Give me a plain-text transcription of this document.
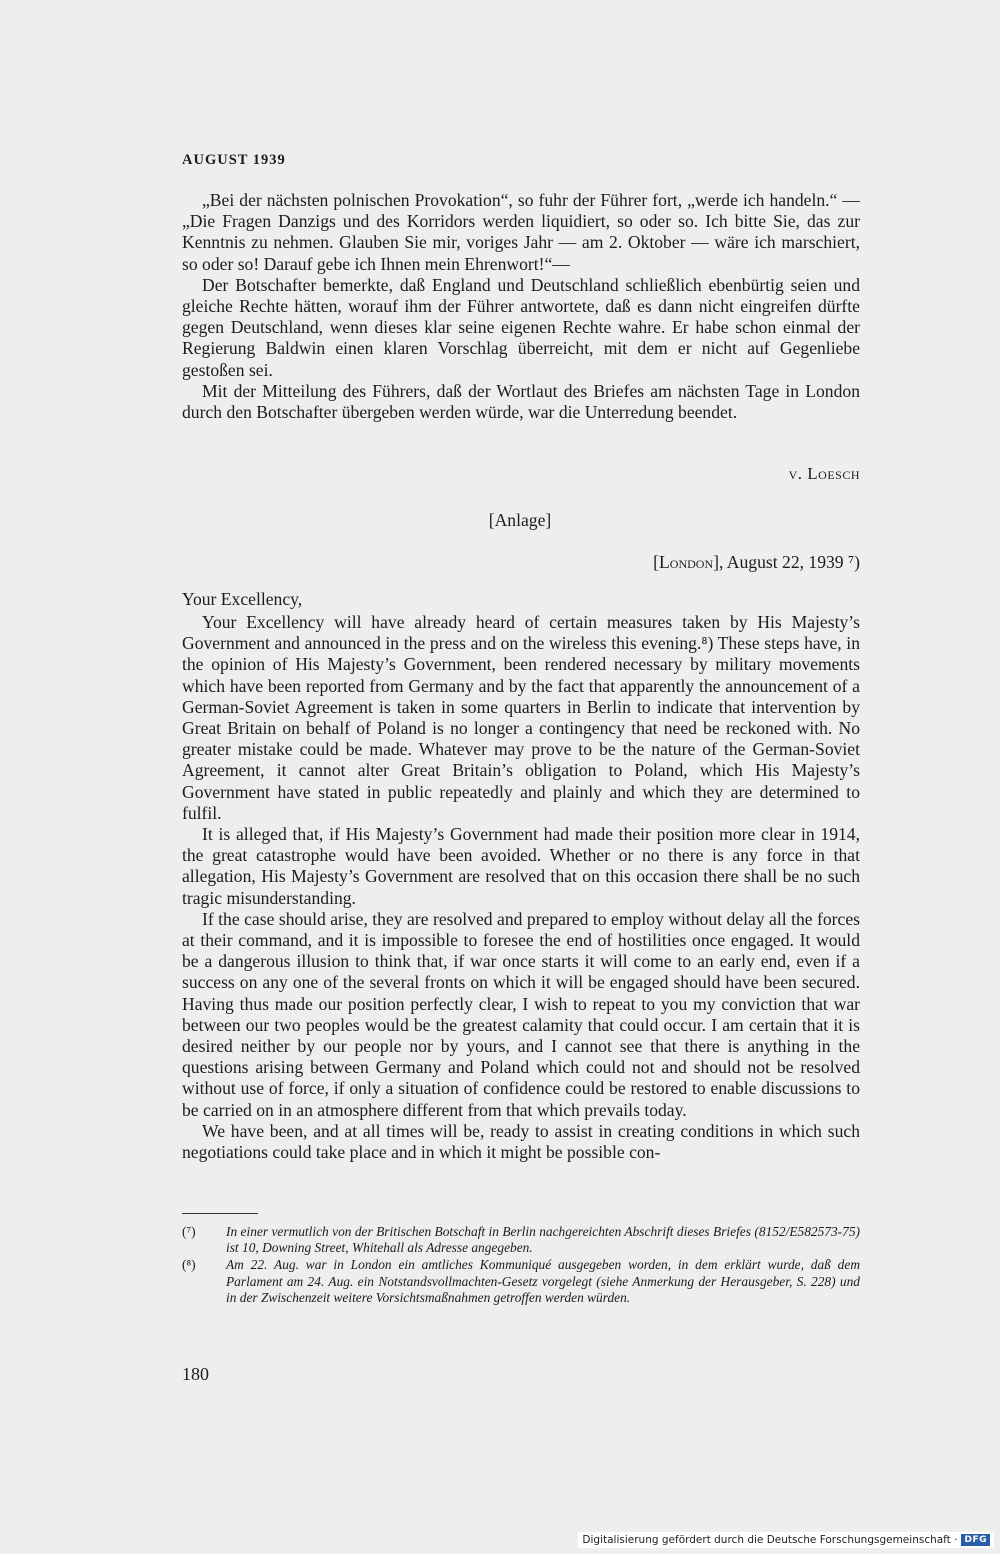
AUGUST 1939

„Bei der nächsten polnischen Provokation“, so fuhr der Führer fort, „werde ich handeln.“ — „Die Fragen Danzigs und des Korridors werden liquidiert, so oder so. Ich bitte Sie, das zur Kenntnis zu nehmen. Glauben Sie mir, voriges Jahr — am 2. Oktober — wäre ich marschiert, so oder so! Darauf gebe ich Ihnen mein Ehrenwort!“—

Der Botschafter bemerkte, daß England und Deutschland schließlich ebenbürtig seien und gleiche Rechte hätten, worauf ihm der Führer antwortete, daß es dann nicht eingreifen dürfte gegen Deutschland, wenn dieses klar seine eigenen Rechte wahre. Er habe schon einmal der Regierung Baldwin einen klaren Vorschlag überreicht, mit dem er nicht auf Gegenliebe gestoßen sei.

Mit der Mitteilung des Führers, daß der Wortlaut des Briefes am nächsten Tage in London durch den Botschafter übergeben werden würde, war die Unterredung beendet.

v. Loesch
[Anlage]
[London], August 22, 1939 ⁷)
Your Excellency,

Your Excellency will have already heard of certain measures taken by His Majesty’s Government and announced in the press and on the wireless this evening.⁸) These steps have, in the opinion of His Majesty’s Government, been rendered necessary by military movements which have been reported from Germany and by the fact that apparently the announcement of a German-Soviet Agreement is taken in some quarters in Berlin to indicate that intervention by Great Britain on behalf of Poland is no longer a contingency that need be reckoned with. No greater mistake could be made. Whatever may prove to be the nature of the German-Soviet Agreement, it cannot alter Great Britain’s obligation to Poland, which His Majesty’s Government have stated in public repeatedly and plainly and which they are determined to fulfil.

It is alleged that, if His Majesty’s Government had made their position more clear in 1914, the great catastrophe would have been avoided. Whether or no there is any force in that allegation, His Majesty’s Government are resolved that on this occasion there shall be no such tragic misunderstanding.

If the case should arise, they are resolved and prepared to employ without delay all the forces at their command, and it is impossible to foresee the end of hostilities once engaged. It would be a dangerous illusion to think that, if war once starts it will come to an early end, even if a success on any one of the several fronts on which it will be engaged should have been secured. Having thus made our position perfectly clear, I wish to repeat to you my conviction that war between our two peoples would be the greatest calamity that could occur. I am certain that it is desired neither by our people nor by yours, and I cannot see that there is anything in the questions arising between Germany and Poland which could not and should not be resolved without use of force, if only a situation of confidence could be restored to enable discussions to be carried on in an atmosphere different from that which prevails today.

We have been, and at all times will be, ready to assist in creating conditions in which such negotiations could take place and in which it might be possible con-

(⁷) In einer vermutlich von der Britischen Botschaft in Berlin nachgereichten Abschrift dieses Briefes (8152/E582573-75) ist 10, Downing Street, Whitehall als Adresse angegeben.
(⁸) Am 22. Aug. war in London ein amtliches Kommuniqué ausgegeben worden, in dem erklärt wurde, daß dem Parlament am 24. Aug. ein Notstandsvollmachten-Gesetz vorgelegt (siehe Anmerkung der Herausgeber, S. 228) und in der Zwischenzeit weitere Vorsichtsmaßnahmen getroffen werden würden.
180
Digitalisierung gefördert durch die Deutsche Forschungsgemeinschaft · DFG
